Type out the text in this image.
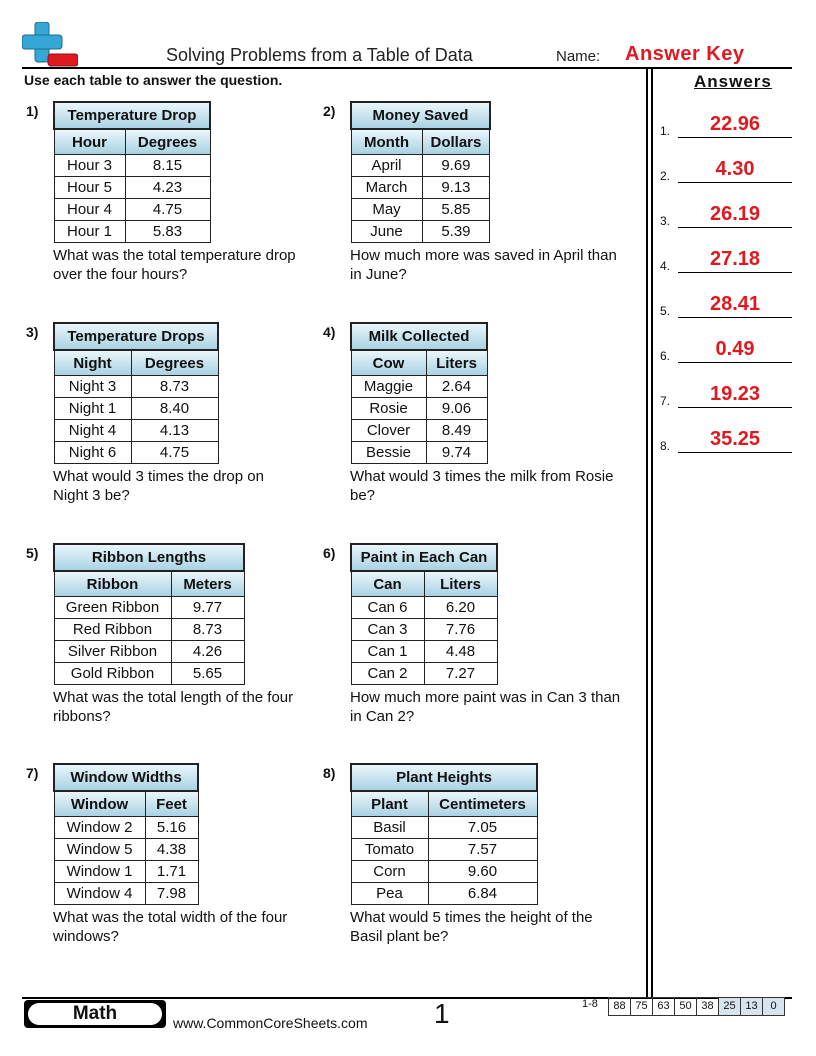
Solving Problems from a Table of Data	Name: Answer Key
Use each table to answer the question.	Answers
1.	22.96
2.	4.30
3.	26.19
4.	27.18
5.	28.41
6.	0.49
7.	19.23
8.	35.25
1) Temperature Drop	
Hour	Degrees
Hour 3	8.15
Hour 5	4.23
Hour 4	4.75
Hour 1	5.83
What was the total temperature drop
over the four hours?
2) Money Saved	
Month	Dollars
April	9.69
March	9.13
May	5.85
June	5.39
How much more was saved in April than
in June?
3) Temperature Drops	
Night	Degrees
Night 3	8.73
Night 1	8.40
Night 4	4.13
Night 6	4.75
What would 3 times the drop on
Night 3 be?
4) Milk Collected	
Cow	Liters
Maggie	2.64
Rosie	9.06
Clover	8.49
Bessie	9.74
What would 3 times the milk from Rosie
be?
5)	Ribbon Lengths	
Ribbon	Meters
Green Ribbon	9.77
Red Ribbon	8.73
Silver Ribbon	4.26
Gold Ribbon	5.65
What was the total length of the four
ribbons?
6) Paint in Each Can	
Can	Liters
Can 6	6.20
Can 3	7.76
Can 1	4.48
Can 2	7.27
How much more paint was in Can 3 than
in Can 2?
7) Window Widths	
Window	Feet
Window 2	5.16
Window 5	4.38
Window 1	1.71
Window 4	7.98
What was the total width of the four
windows?
8)	Plant Heights	
Plant	Centimeters
Basil	7.05
Tomato	7.57
Corn	9.60
Pea	6.84
What would 5 times the height of the
Basil plant be?
Math	www.CommonCoreSheets.com 1	1-8	88 75 63 50 38 25 13	0
